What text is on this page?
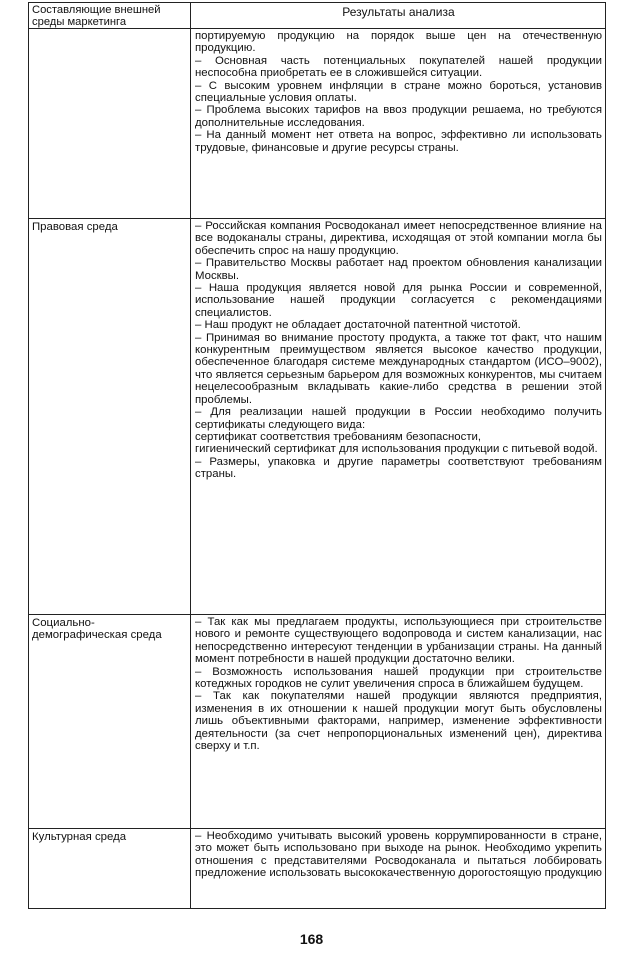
Составляющие внешней среды маркетинга
Результаты анализа

портируемую продукцию на порядок выше цен на отечественную продукцию.

– Основная часть потенциальных покупателей нашей продукции неспособна приобретать ее в сложившейся ситуации.

– С высоким уровнем инфляции в стране можно бороться, установив специальные условия оплаты.

– Проблема высоких тарифов на ввоз продукции решаема, но требуются дополнительные исследования.

– На данный момент нет ответа на вопрос, эффективно ли использовать трудовые, финансовые и другие ресурсы страны.

Правовая среда	– Российская компания Росводоканал имеет непосредственное влияние на все водоканалы страны, директива, исходящая от этой компании могла бы обеспечить спрос на нашу продукцию.

– Правительство Москвы работает над проектом обновления канализации Москвы.

– Наша продукция является новой для рынка России и современной, использование нашей продукции согласуется с рекомендациями специалистов.

– Наш продукт не обладает достаточной патентной чистотой.

– Принимая во внимание простоту продукта, а также тот факт, что нашим конкурентным преимуществом является высокое качество продукции, обеспеченное благодаря системе международных стандартом (ИСО–9002), что является серьезным барьером для возможных конкурентов, мы считаем нецелесообразным вкладывать какие-либо средства в решении этой проблемы.

– Для реализации нашей продукции в России необходимо получить сертификаты следующего вида:

сертификат соответствия требованиям безопасности,

гигиенический сертификат для использования продукции с питьевой водой.

– Размеры, упаковка и другие параметры соответствуют требованиям страны.

Социально-демографическая среда

– Так как мы предлагаем продукты, использующиеся при строительстве нового и ремонте существующего водопровода и систем канализации, нас непосредственно интересуют тенденции в урбанизации страны. На данный момент потребности в нашей продукции достаточно велики.

– Возможность использования нашей продукции при строительстве котеджных городков не сулит увеличения спроса в ближайшем будущем.

– Так как покупателями нашей продукции являются предприятия, изменения в их отношении к нашей продукции могут быть обусловлены лишь объективными факторами, например, изменение эффективности деятельности (за счет непропорциональных изменений цен), директива сверху и т.п.

Культурная среда	– Необходимо учитывать высокий уровень коррумпированности в стране, это может быть использовано при выходе на рынок. Необходимо укрепить отношения с представителями Росводоканала и пытаться лоббировать предложение использовать высококачественную дорогостоящую продукцию

168
